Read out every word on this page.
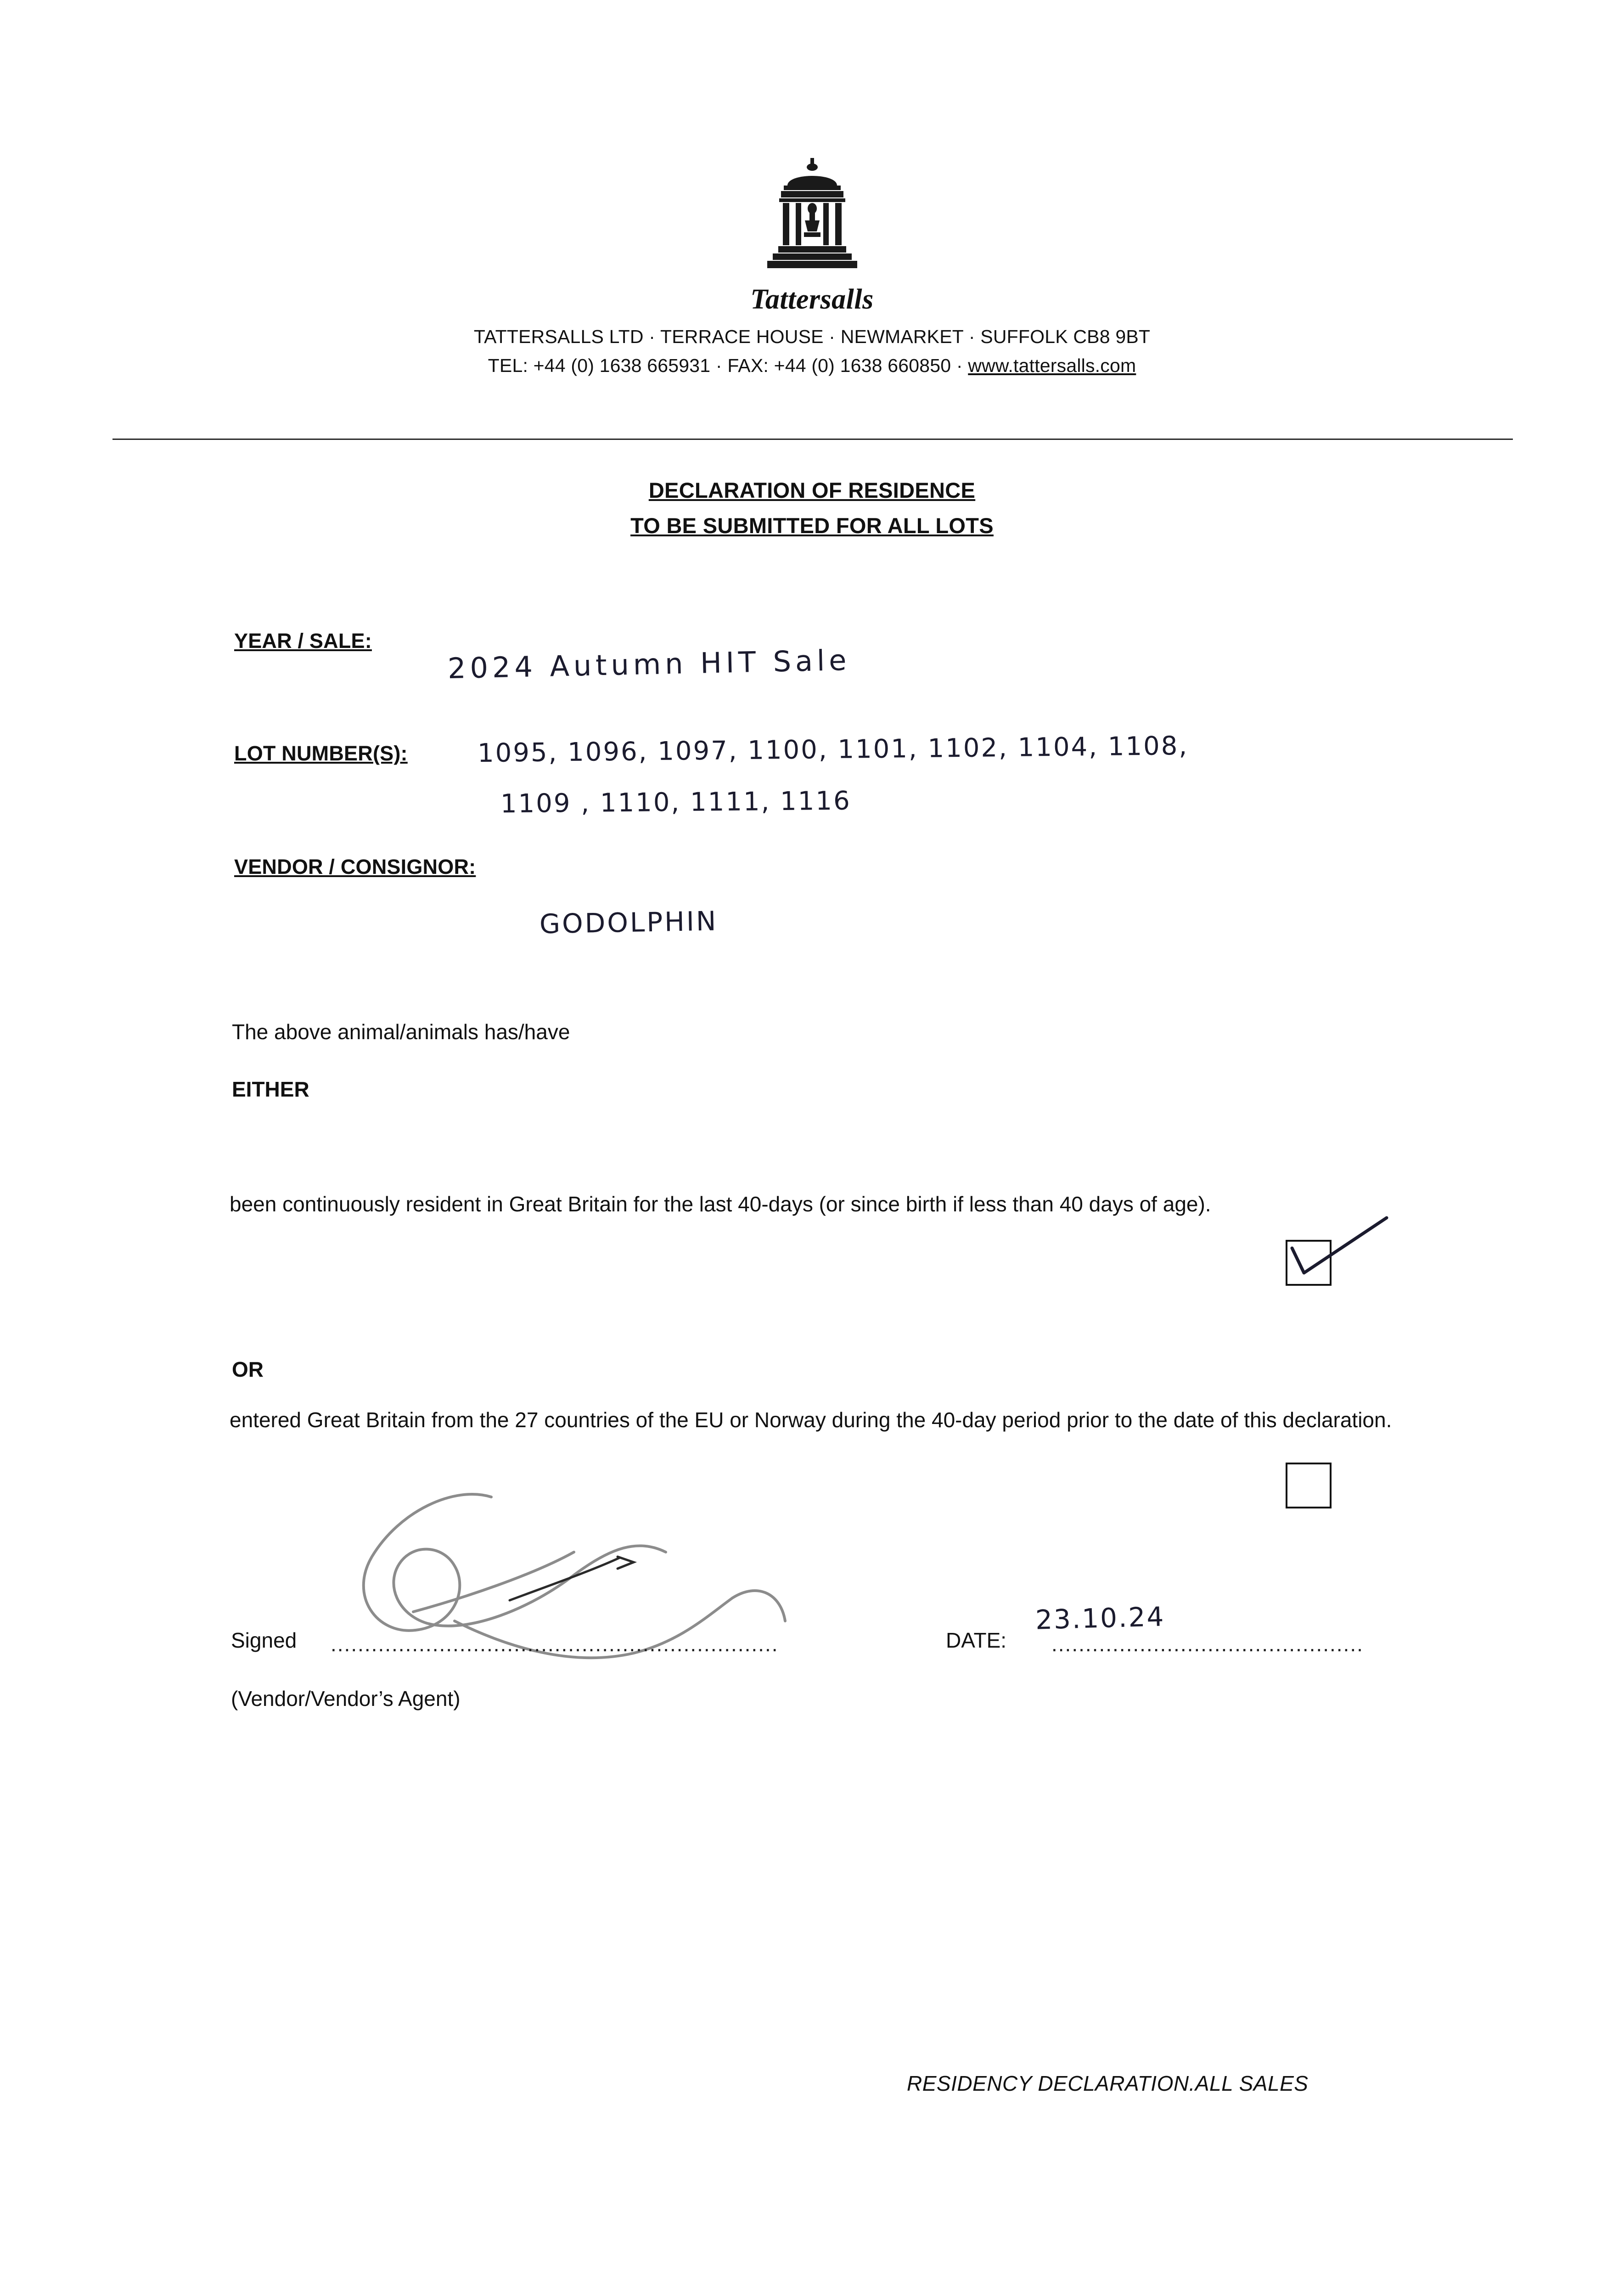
Tattersalls
TATTERSALLS LTD · TERRACE HOUSE · NEWMARKET · SUFFOLK CB8 9BT
TEL: +44 (0) 1638 665931 · FAX: +44 (0) 1638 660850 · www.tattersalls.com
DECLARATION OF RESIDENCE
TO BE SUBMITTED FOR ALL LOTS
YEAR / SALE:
2024 Autumn HIT Sale
LOT NUMBER(S):	1095, 1096, 1097, 1100, 1101, 1102, 1104, 1108,
1109 , 1110, 1111, 1116
VENDOR / CONSIGNOR:
GODOLPHIN
The above animal/animals has/have
EITHER
been continuously resident in Great Britain for the last 40-days (or since birth if less than 40 days of age).
OR
entered Great Britain from the 27 countries of the EU or Norway during the 40-day period prior to the date of this declaration.
Signed ..................................................................	DATE: ..............................................
23.10.24
(Vendor/Vendor’s Agent)
RESIDENCY DECLARATION.ALL SALES
